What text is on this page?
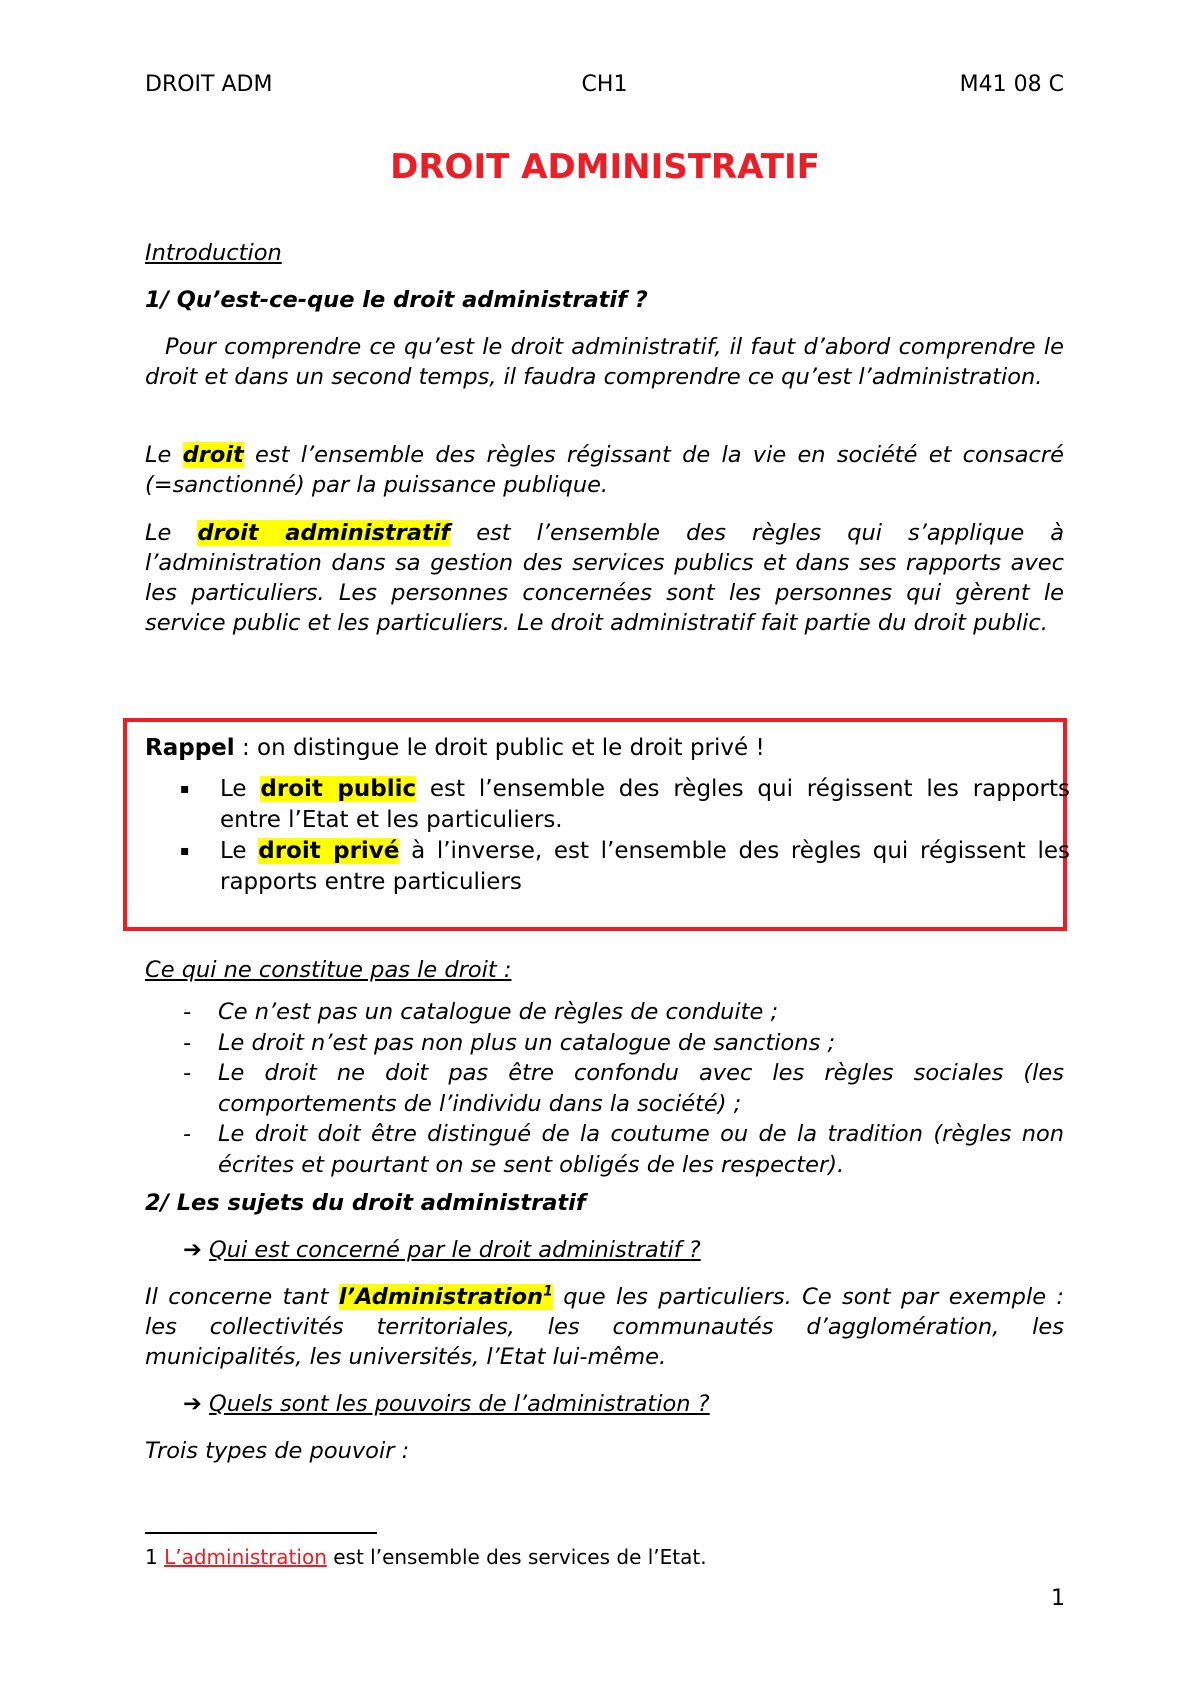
DROIT ADM	CH1	M41 08 C
DROIT ADMINISTRATIF
Introduction
1/ Qu’est-ce-que le droit administratif ?
Pour comprendre ce qu’est le droit administratif, il faut d’abord comprendre le droit et dans un second temps, il faudra comprendre ce qu’est l’administration.
Le droit est l’ensemble des règles régissant de la vie en société et consacré (=sanctionné) par la puissance publique.
Le droit administratif est l’ensemble des règles qui s’applique à l’administration dans sa gestion des services publics et dans ses rapports avec les particuliers. Les personnes concernées sont les personnes qui gèrent le service public et les particuliers. Le droit administratif fait partie du droit public.
Rappel : on distingue le droit public et le droit privé !
▪ Le droit public est l’ensemble des règles qui régissent les rapports entre l’Etat et les particuliers.
▪ Le droit privé à l’inverse, est l’ensemble des règles qui régissent les rapports entre particuliers
Ce qui ne constitue pas le droit :
- Ce n’est pas un catalogue de règles de conduite ;
- Le droit n’est pas non plus un catalogue de sanctions ;
- Le droit ne doit pas être confondu avec les règles sociales (les comportements de l’individu dans la société) ;
- Le droit doit être distingué de la coutume ou de la tradition (règles non écrites et pourtant on se sent obligés de les respecter).
2/ Les sujets du droit administratif
➔ Qui est concerné par le droit administratif ?
Il concerne tant l’Administration$^1$ que les particuliers. Ce sont par exemple : les collectivités territoriales, les communautés d’agglomération, les municipalités, les universités, l’Etat lui-même.
➔ Quels sont les pouvoirs de l’administration ?
Trois types de pouvoir :
1 L’administration est l’ensemble des services de l’Etat.
1
